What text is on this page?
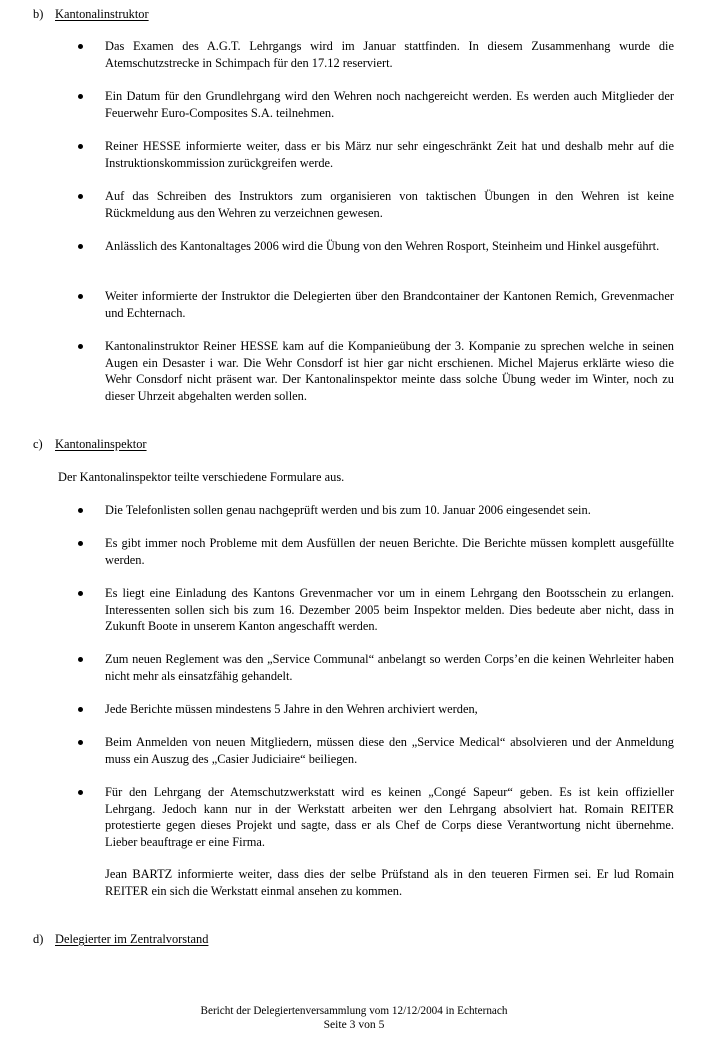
b) Kantonalinstruktor
Das Examen des A.G.T. Lehrgangs wird im Januar stattfinden. In diesem Zusammenhang wurde die Atemschutzstrecke in Schimpach für den 17.12 reserviert.
Ein Datum für den Grundlehrgang wird den Wehren noch nachgereicht werden. Es werden auch Mitglieder der Feuerwehr Euro-Composites S.A. teilnehmen.
Reiner HESSE informierte weiter, dass er bis März nur sehr eingeschränkt Zeit hat und deshalb mehr auf die Instruktionskommission zurückgreifen werde.
Auf das Schreiben des Instruktors zum organisieren von taktischen Übungen in den Wehren ist keine Rückmeldung aus den Wehren zu verzeichnen gewesen.
Anlässlich des Kantonaltages 2006 wird die Übung von den Wehren Rosport, Steinheim und Hinkel ausgeführt.
Weiter informierte der Instruktor die Delegierten über den Brandcontainer der Kantonen Remich, Grevenmacher und Echternach.
Kantonalinstruktor Reiner HESSE kam auf die Kompanieübung der 3. Kompanie zu sprechen welche in seinen Augen ein Desaster i war. Die Wehr Consdorf ist hier gar nicht erschienen. Michel Majerus erklärte wieso die Wehr Consdorf nicht präsent war. Der Kantonalinspektor meinte dass solche Übung weder im Winter, noch zu dieser Uhrzeit abgehalten werden sollen.
c) Kantonalinspektor
Der Kantonalinspektor teilte verschiedene Formulare aus.
Die Telefonlisten sollen genau nachgeprüft werden und bis zum 10. Januar 2006 eingesendet sein.
Es gibt immer noch Probleme mit dem Ausfüllen der neuen Berichte. Die Berichte müssen komplett ausgefüllte werden.
Es liegt eine Einladung des Kantons Grevenmacher vor um in einem Lehrgang den Bootsschein zu erlangen. Interessenten sollen sich bis zum 16. Dezember 2005 beim Inspektor melden. Dies bedeute aber nicht, dass in Zukunft Boote in unserem Kanton angeschafft werden.
Zum neuen Reglement was den „Service Communal“ anbelangt so werden Corps’en die keinen Wehrleiter haben nicht mehr als einsatzfähig gehandelt.
Jede Berichte müssen mindestens 5 Jahre in den Wehren archiviert werden,
Beim Anmelden von neuen Mitgliedern, müssen diese den „Service Medical“ absolvieren und der Anmeldung muss ein Auszug des „Casier Judiciaire“ beiliegen.
Für den Lehrgang der Atemschutzwerkstatt wird es keinen „Congé Sapeur“ geben. Es ist kein offizieller Lehrgang. Jedoch kann nur in der Werkstatt arbeiten wer den Lehrgang absolviert hat. Romain REITER protestierte gegen dieses Projekt und sagte, dass er als Chef de Corps diese Verantwortung nicht übernehme. Lieber beauftrage er eine Firma.
Jean BARTZ informierte weiter, dass dies der selbe Prüfstand als in den teueren Firmen sei. Er lud Romain REITER ein sich die Werkstatt einmal ansehen zu kommen.
d) Delegierter im Zentralvorstand
Bericht der Delegiertenversammlung vom 12/12/2004 in Echternach
Seite 3 von 5
